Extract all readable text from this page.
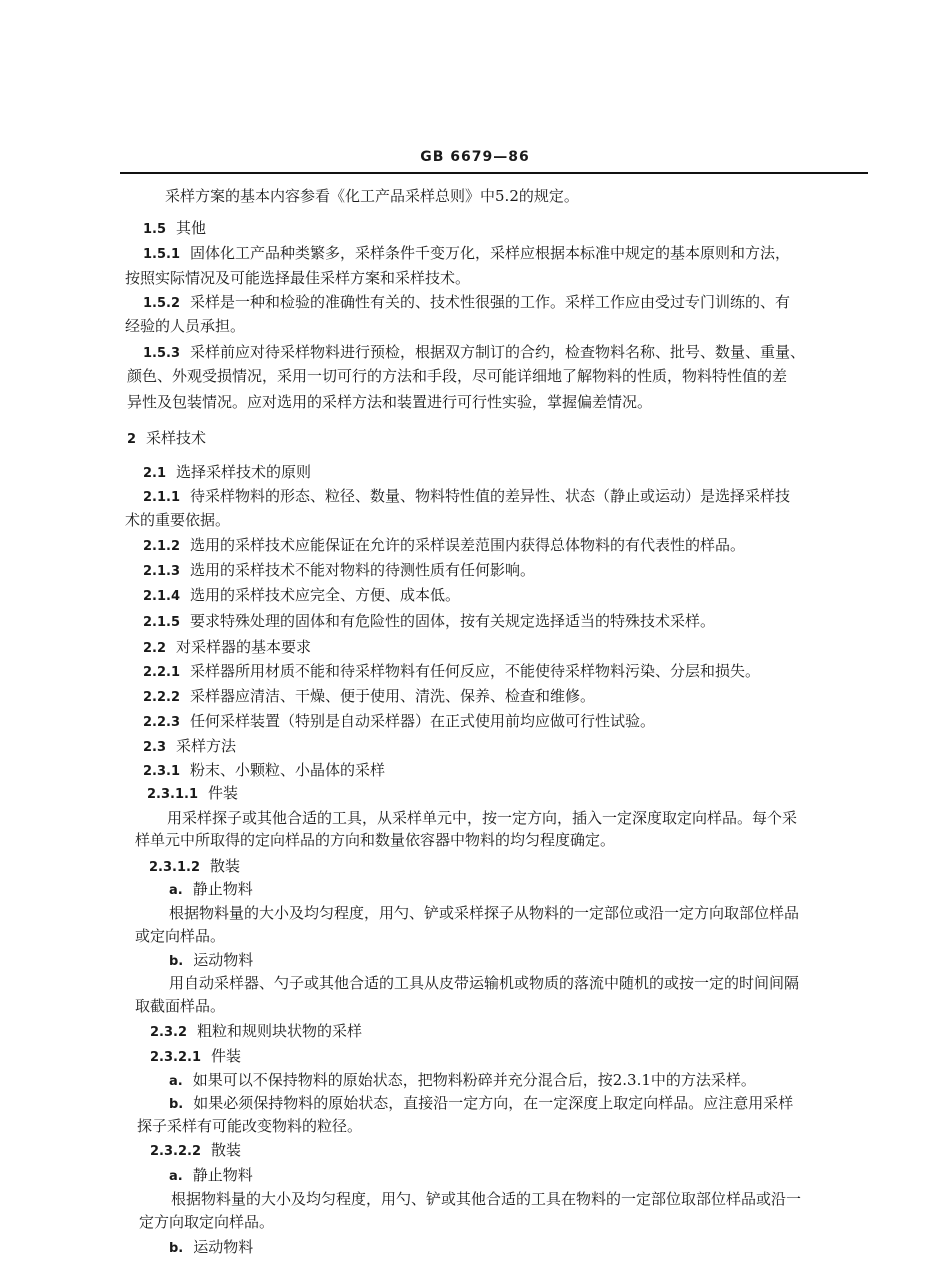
GB 6679—86
采样方案的基本内容参看《化工产品采样总则》中5.2的规定。
1.5 其他
1.5.1 固体化工产品种类繁多，采样条件千变万化，采样应根据本标准中规定的基本原则和方法，
按照实际情况及可能选择最佳采样方案和采样技术。
1.5.2 采样是一种和检验的准确性有关的、技术性很强的工作。采样工作应由受过专门训练的、有
经验的人员承担。
1.5.3 采样前应对待采样物料进行预检，根据双方制订的合约，检查物料名称、批号、数量、重量、
颜色、外观受损情况，采用一切可行的方法和手段，尽可能详细地了解物料的性质，物料特性值的差
异性及包装情况。应对选用的采样方法和装置进行可行性实验，掌握偏差情况。
2 采样技术
2.1 选择采样技术的原则
2.1.1 待采样物料的形态、粒径、数量、物料特性值的差异性、状态（静止或运动）是选择采样技
术的重要依据。
2.1.2 选用的采样技术应能保证在允许的采样误差范围内获得总体物料的有代表性的样品。
2.1.3 选用的采样技术不能对物料的待测性质有任何影响。
2.1.4 选用的采样技术应完全、方便、成本低。
2.1.5 要求特殊处理的固体和有危险性的固体，按有关规定选择适当的特殊技术采样。
2.2 对采样器的基本要求
2.2.1 采样器所用材质不能和待采样物料有任何反应，不能使待采样物料污染、分层和损失。
2.2.2 采样器应清洁、干燥、便于使用、清洗、保养、检查和维修。
2.2.3 任何采样装置（特别是自动采样器）在正式使用前均应做可行性试验。
2.3 采样方法
2.3.1 粉末、小颗粒、小晶体的采样
2.3.1.1 件装
用采样探子或其他合适的工具，从采样单元中，按一定方向，插入一定深度取定向样品。每个采
样单元中所取得的定向样品的方向和数量依容器中物料的均匀程度确定。
2.3.1.2 散装
a. 静止物料
根据物料量的大小及均匀程度，用勺、铲或采样探子从物料的一定部位或沿一定方向取部位样品
或定向样品。
b. 运动物料
用自动采样器、勺子或其他合适的工具从皮带运输机或物质的落流中随机的或按一定的时间间隔
取截面样品。
2.3.2 粗粒和规则块状物的采样
2.3.2.1 件装
a. 如果可以不保持物料的原始状态，把物料粉碎并充分混合后，按2.3.1中的方法采样。
b. 如果必须保持物料的原始状态，直接沿一定方向，在一定深度上取定向样品。应注意用采样
探子采样有可能改变物料的粒径。
2.3.2.2 散装
a. 静止物料
根据物料量的大小及均匀程度，用勺、铲或其他合适的工具在物料的一定部位取部位样品或沿一
定方向取定向样品。
b. 运动物料
